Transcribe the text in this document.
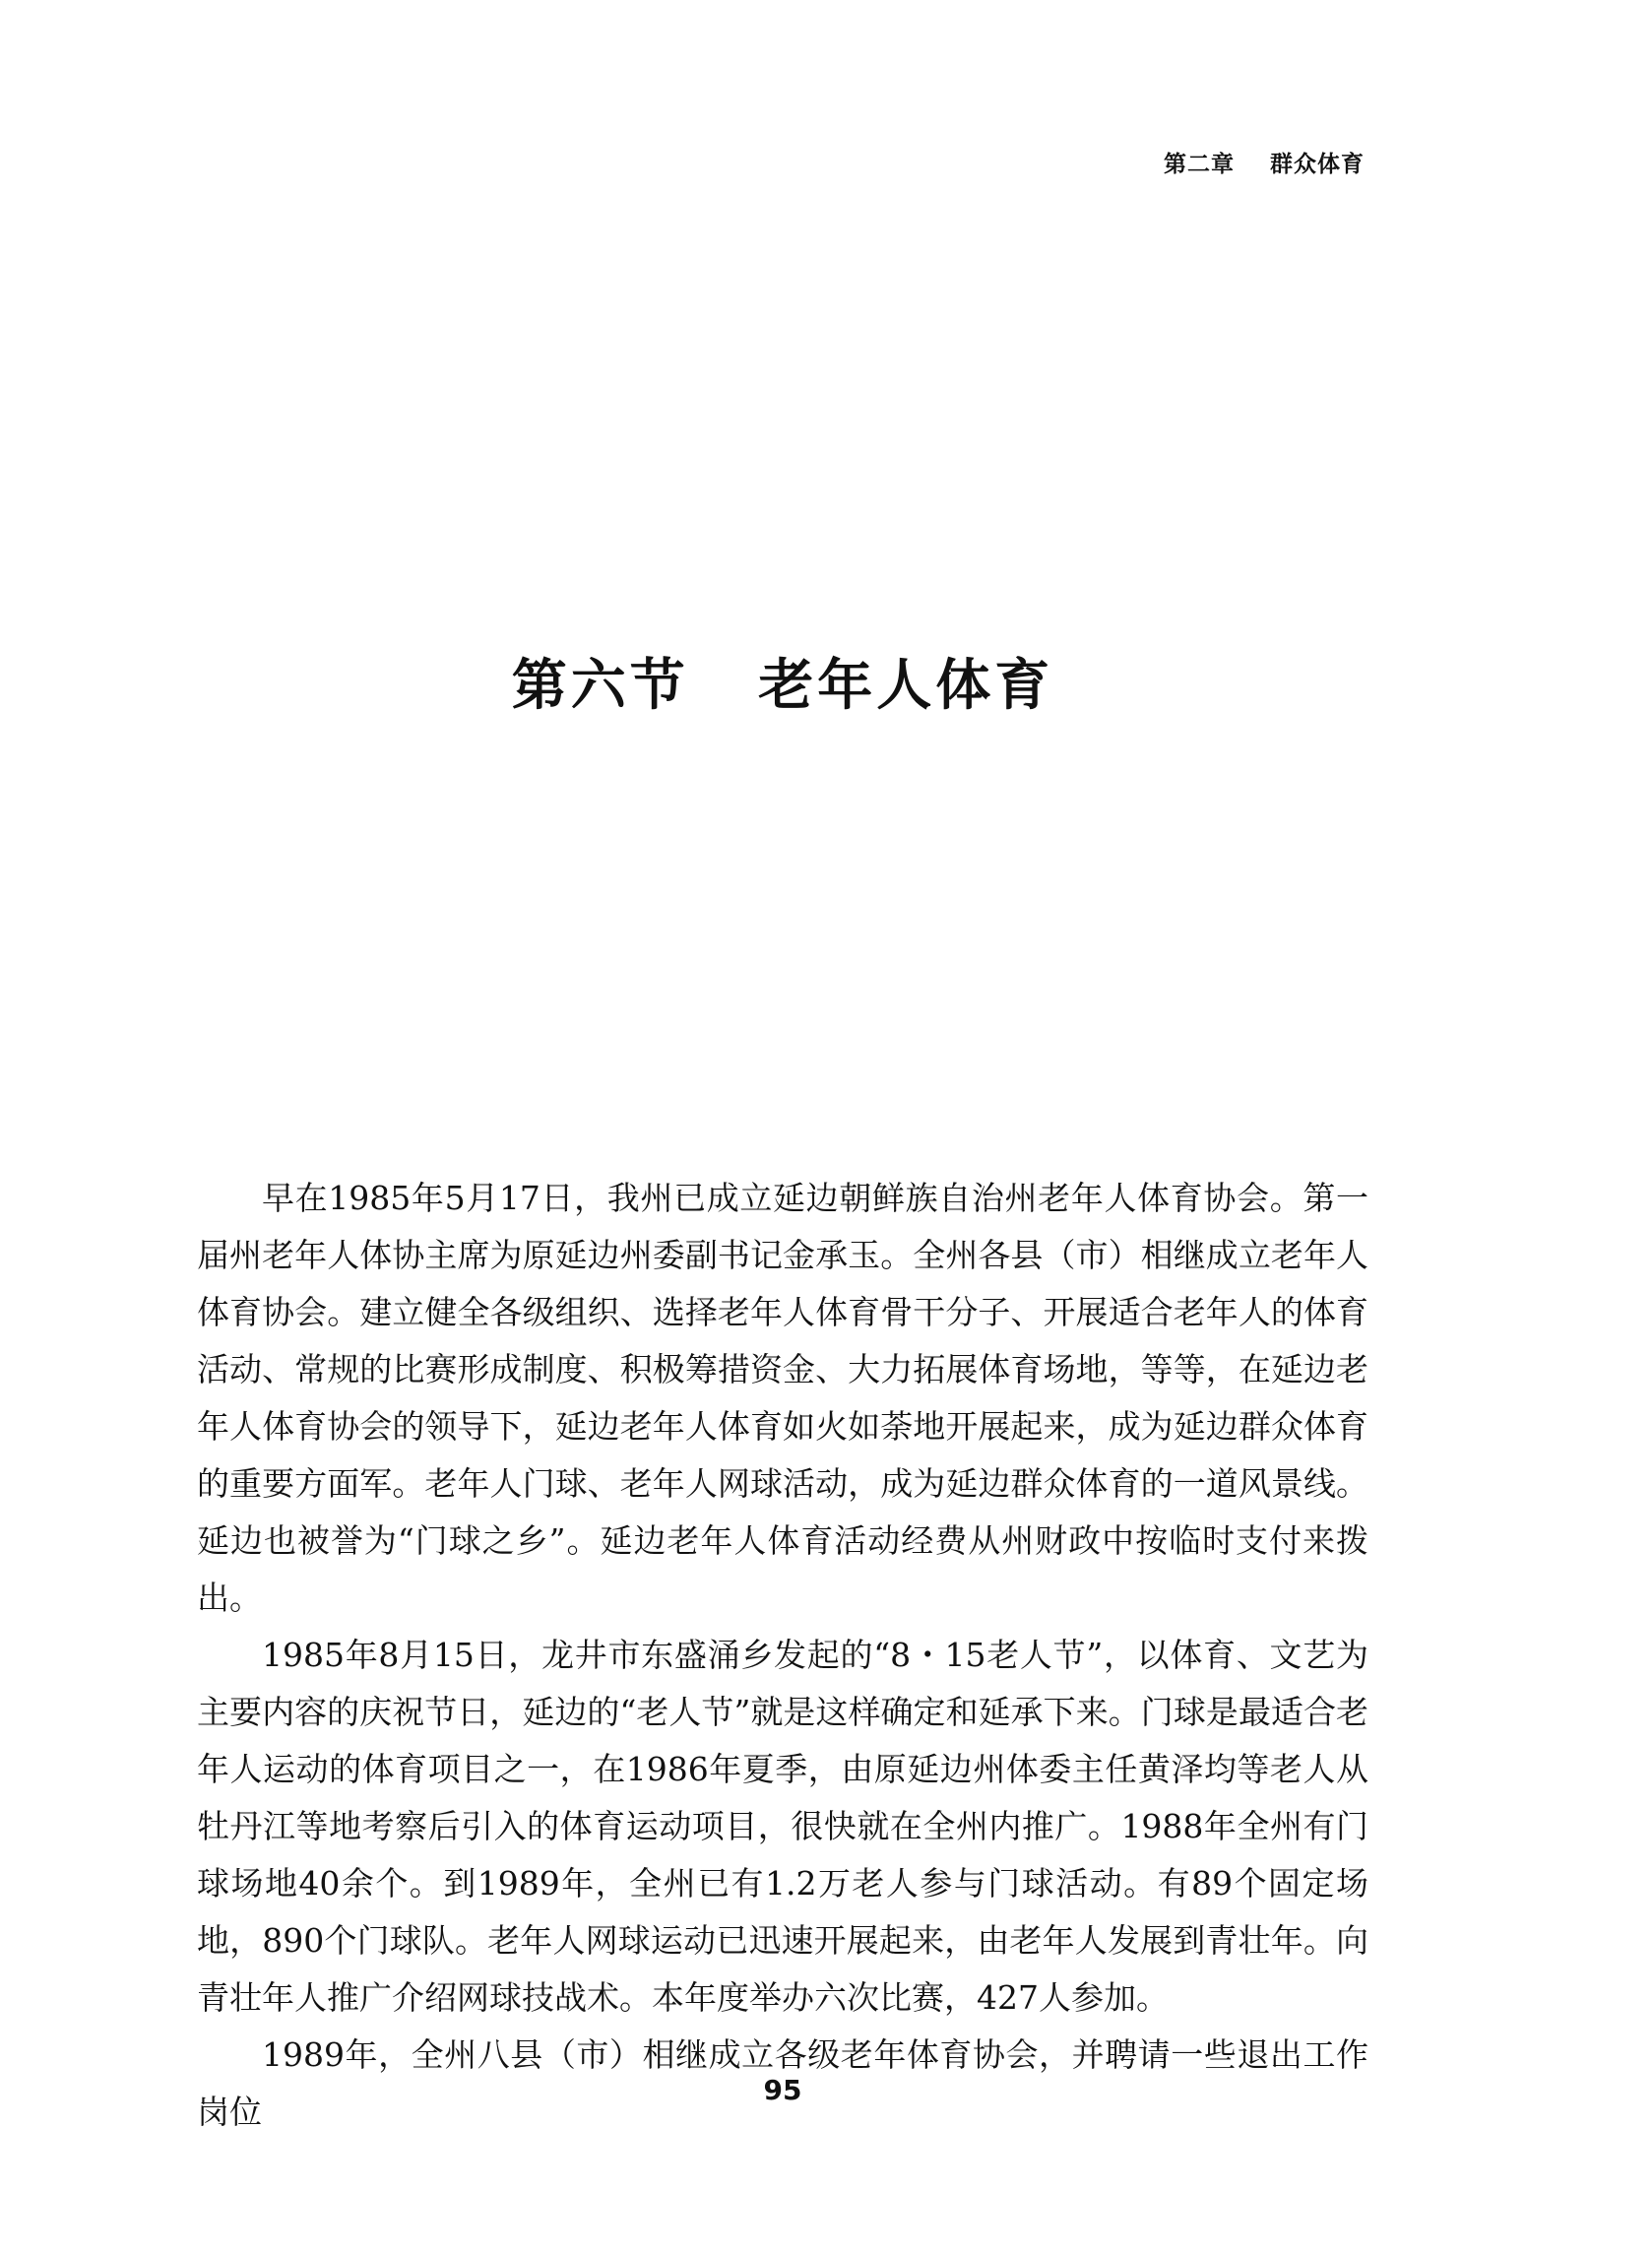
第二章    群众体育
第六节   老年人体育

早在1985年5月17日，我州已成立延边朝鲜族自治州老年人体育协会。第一届州老年人体协主席为原延边州委副书记金承玉。全州各县（市）相继成立老年人体育协会。建立健全各级组织、选择老年人体育骨干分子、开展适合老年人的体育活动、常规的比赛形成制度、积极筹措资金、大力拓展体育场地，等等，在延边老年人体育协会的领导下，延边老年人体育如火如荼地开展起来，成为延边群众体育的重要方面军。老年人门球、老年人网球活动，成为延边群众体育的一道风景线。延边也被誉为“门球之乡”。延边老年人体育活动经费从州财政中按临时支付来拨出。

1985年8月15日，龙井市东盛涌乡发起的“8・15老人节”，以体育、文艺为主要内容的庆祝节日，延边的“老人节”就是这样确定和延承下来。门球是最适合老年人运动的体育项目之一，在1986年夏季，由原延边州体委主任黄泽均等老人从牡丹江等地考察后引入的体育运动项目，很快就在全州内推广。1988年全州有门球场地40余个。到1989年，全州已有1.2万老人参与门球活动。有89个固定场地，890个门球队。老年人网球运动已迅速开展起来，由老年人发展到青壮年。向青壮年人推广介绍网球技战术。本年度举办六次比赛，427人参加。

1989年，全州八县（市）相继成立各级老年体育协会，并聘请一些退出工作岗位

95
